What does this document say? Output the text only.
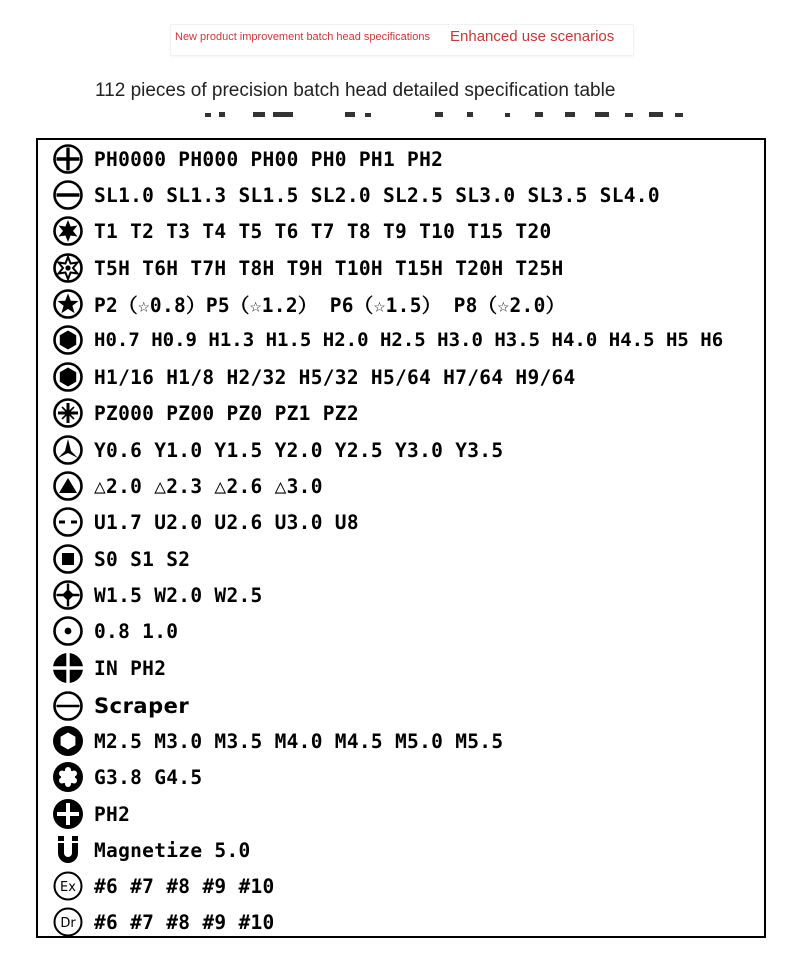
New product improvement batch head specifications Enhanced use scenarios
112 pieces of precision batch head detailed specification table
PH0000 PH000 PH00 PH0 PH1 PH2
SL1.0 SL1.3 SL1.5 SL2.0 SL2.5 SL3.0 SL3.5 SL4.0
T1 T2 T3 T4 T5 T6 T7 T8 T9 T10 T15 T20
T5H T6H T7H T8H T9H T10H T15H T20H T25H
P2（☆0.8）P5（☆1.2） P6（☆1.5） P8（☆2.0）
H0.7 H0.9 H1.3 H1.5 H2.0 H2.5 H3.0 H3.5 H4.0 H4.5 H5 H6
H1/16 H1/8 H2/32 H5/32 H5/64 H7/64 H9/64
PZ000 PZ00 PZ0 PZ1 PZ2
Y0.6 Y1.0 Y1.5 Y2.0 Y2.5 Y3.0 Y3.5
△2.0 △2.3 △2.6 △3.0
U1.7 U2.0 U2.6 U3.0 U8
S0 S1 S2
W1.5 W2.0 W2.5
0.8 1.0
IN PH2
Scraper
M2.5 M3.0 M3.5 M4.0 M4.5 M5.0 M5.5
G3.8 G4.5
PH2
Magnetize 5.0
Ex #6 #7 #8 #9 #10
Dr #6 #7 #8 #9 #10
